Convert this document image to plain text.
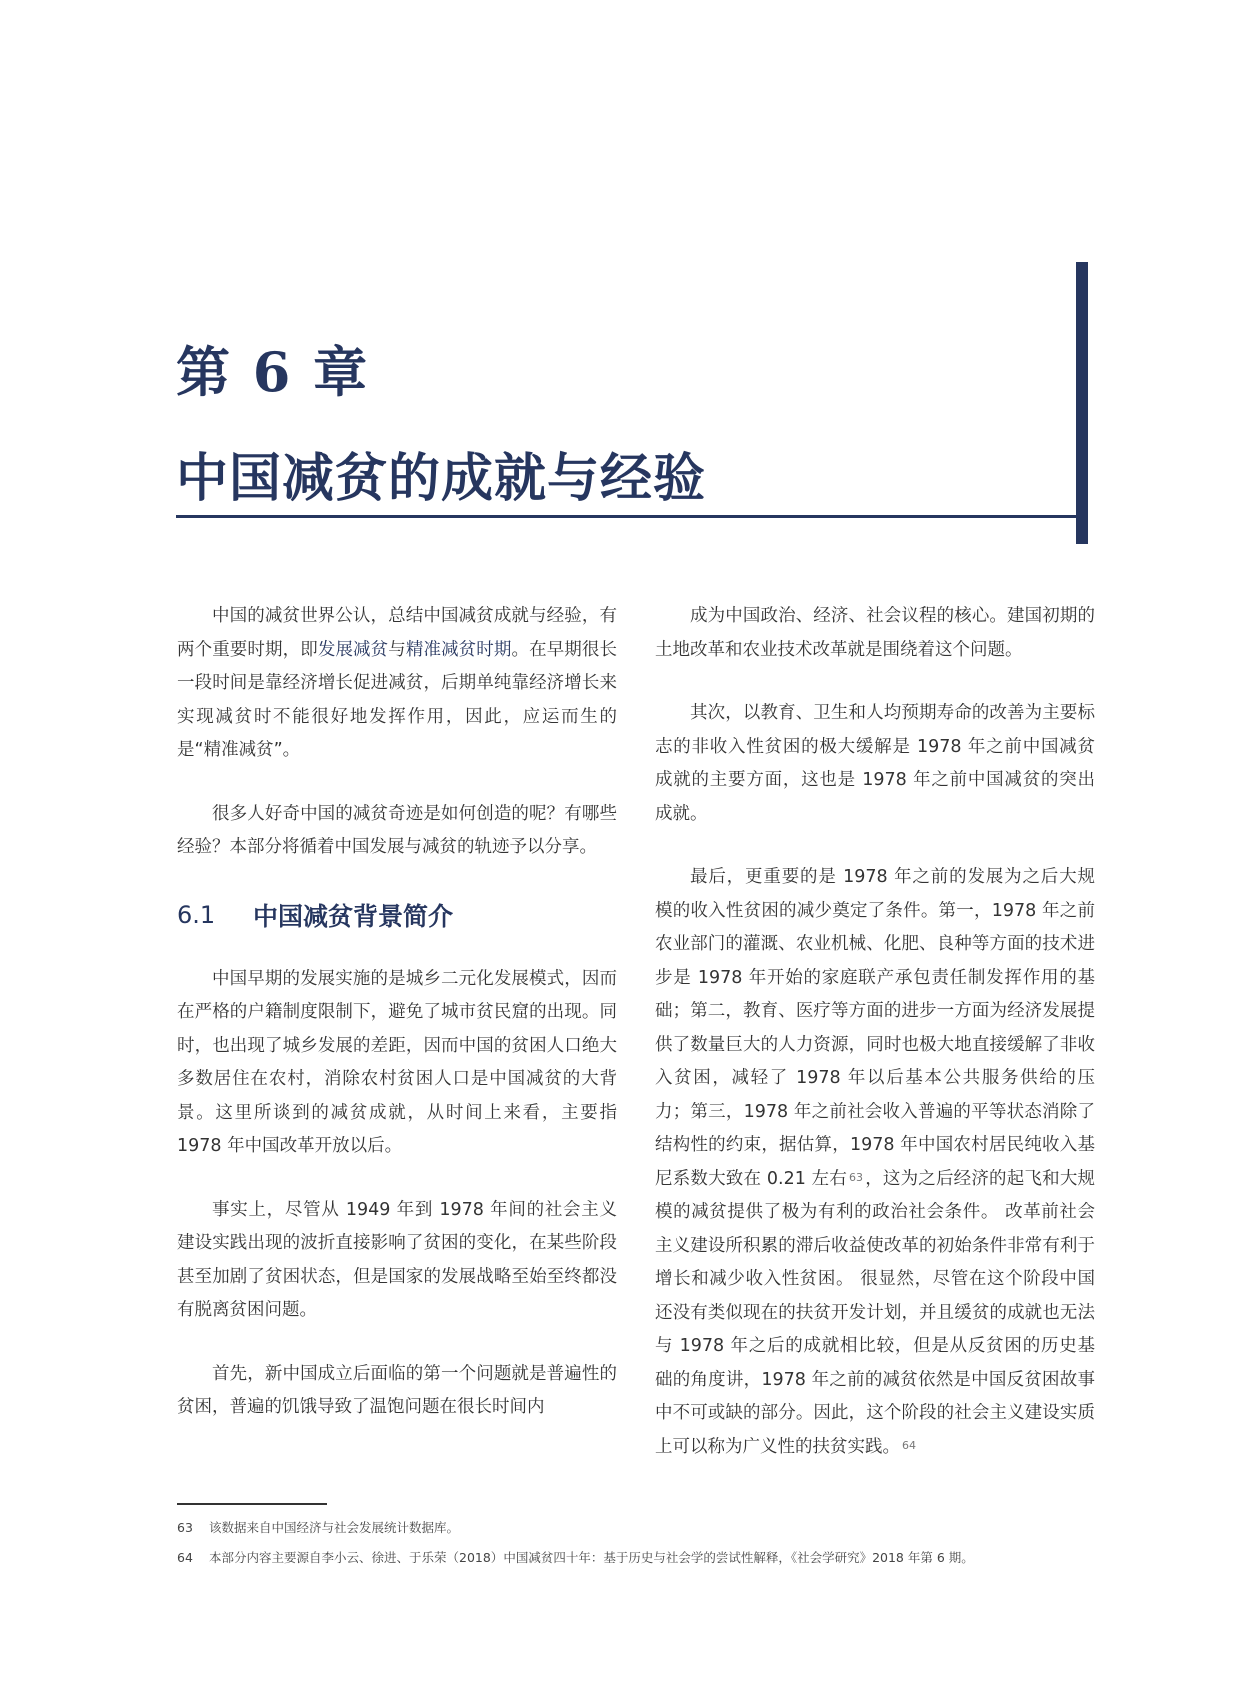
第 6 章
中国减贫的成就与经验

中国的减贫世界公认，总结中国减贫成就与经验，有两个重要时期，即发展减贫与精准减贫时期。在早期很长一段时间是靠经济增长促进减贫，后期单纯靠经济增长来实现减贫时不能很好地发挥作用，因此，应运而生的是“精准减贫”。

很多人好奇中国的减贫奇迹是如何创造的呢？有哪些经验？本部分将循着中国发展与减贫的轨迹予以分享。

6.1	中国减贫背景简介

中国早期的发展实施的是城乡二元化发展模式，因而在严格的户籍制度限制下，避免了城市贫民窟的出现。同时，也出现了城乡发展的差距，因而中国的贫困人口绝大多数居住在农村，消除农村贫困人口是中国减贫的大背景。这里所谈到的减贫成就，从时间上来看，主要指 1978 年中国改革开放以后。

事实上，尽管从 1949 年到 1978 年间的社会主义建设实践出现的波折直接影响了贫困的变化，在某些阶段甚至加剧了贫困状态，但是国家的发展战略至始至终都没有脱离贫困问题。

首先，新中国成立后面临的第一个问题就是普遍性的贫困，普遍的饥饿导致了温饱问题在很长时间内

成为中国政治、经济、社会议程的核心。建国初期的土地改革和农业技术改革就是围绕着这个问题。

其次，以教育、卫生和人均预期寿命的改善为主要标志的非收入性贫困的极大缓解是 1978 年之前中国减贫成就的主要方面，这也是 1978 年之前中国减贫的突出成就。

最后，更重要的是 1978 年之前的发展为之后大规模的收入性贫困的减少奠定了条件。第一，1978 年之前农业部门的灌溉、农业机械、化肥、良种等方面的技术进步是 1978 年开始的家庭联产承包责任制发挥作用的基础；第二，教育、医疗等方面的进步一方面为经济发展提供了数量巨大的人力资源，同时也极大地直接缓解了非收入贫困，减轻了 1978 年以后基本公共服务供给的压力；第三，1978 年之前社会收入普遍的平等状态消除了结构性的约束，据估算，1978 年中国农村居民纯收入基尼系数大致在 0.21 左右 $^{63}$ ，这为之后经济的起飞和大规模的减贫提供了极为有利的政治社会条件。 改革前社会主义建设所积累的滞后收益使改革的初始条件非常有利于增长和减少收入性贫困。 很显然，尽管在这个阶段中国还没有类似现在的扶贫开发计划，并且缓贫的成就也无法与 1978 年之后的成就相比较，但是从反贫困的历史基础的角度讲，1978 年之前的减贫依然是中国反贫困故事中不可或缺的部分。因此，这个阶段的社会主义建设实质上可以称为广义性的扶贫实践。 $^{64}$

63 该数据来自中国经济与社会发展统计数据库。
64 本部分内容主要源自李小云、徐进、于乐荣（2018）中国减贫四十年：基于历史与社会学的尝试性解释，《社会学研究》2018 年第 6 期。
